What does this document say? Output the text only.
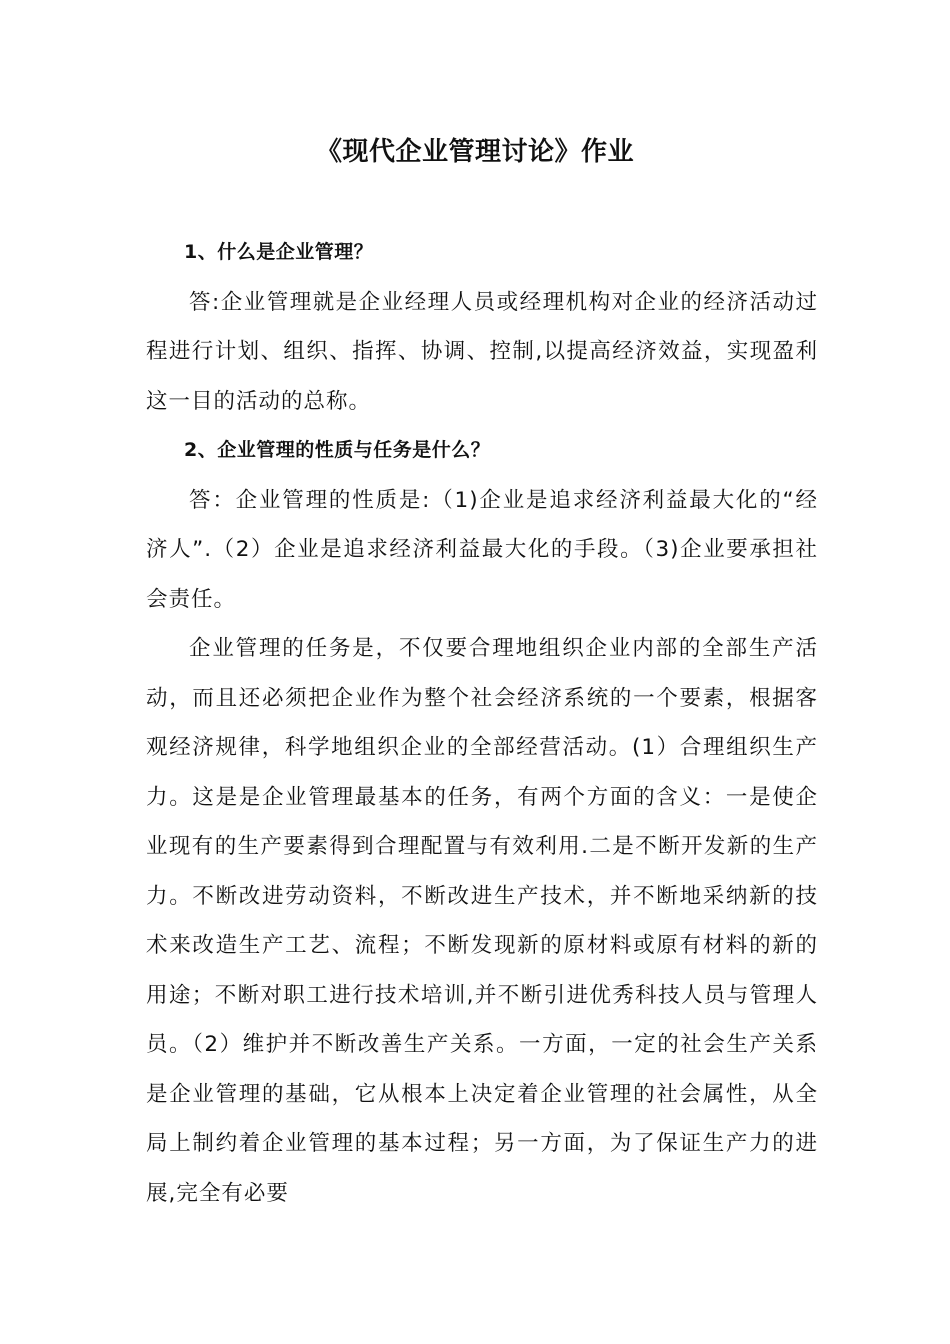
《现代企业管理讨论》作业

1、什么是企业管理？

答:企业管理就是企业经理人员或经理机构对企业的经济活动过程进行计划、组织、指挥、协调、控制,以提高经济效益，实现盈利这一目的活动的总称。

2、企业管理的性质与任务是什么？

答：企业管理的性质是:（1)企业是追求经济利益最大化的“经济人”.（2）企业是追求经济利益最大化的手段。（3)企业要承担社会责任。

企业管理的任务是，不仅要合理地组织企业内部的全部生产活动，而且还必须把企业作为整个社会经济系统的一个要素，根据客观经济规律，科学地组织企业的全部经营活动。(1）合理组织生产力。这是是企业管理最基本的任务，有两个方面的含义：一是使企业现有的生产要素得到合理配置与有效利用.二是不断开发新的生产力。不断改进劳动资料，不断改进生产技术，并不断地采纳新的技术来改造生产工艺、流程；不断发现新的原材料或原有材料的新的用途；不断对职工进行技术培训,并不断引进优秀科技人员与管理人员。（2）维护并不断改善生产关系。一方面，一定的社会生产关系是企业管理的基础，它从根本上决定着企业管理的社会属性，从全局上制约着企业管理的基本过程；另一方面，为了保证生产力的进展,完全有必要
